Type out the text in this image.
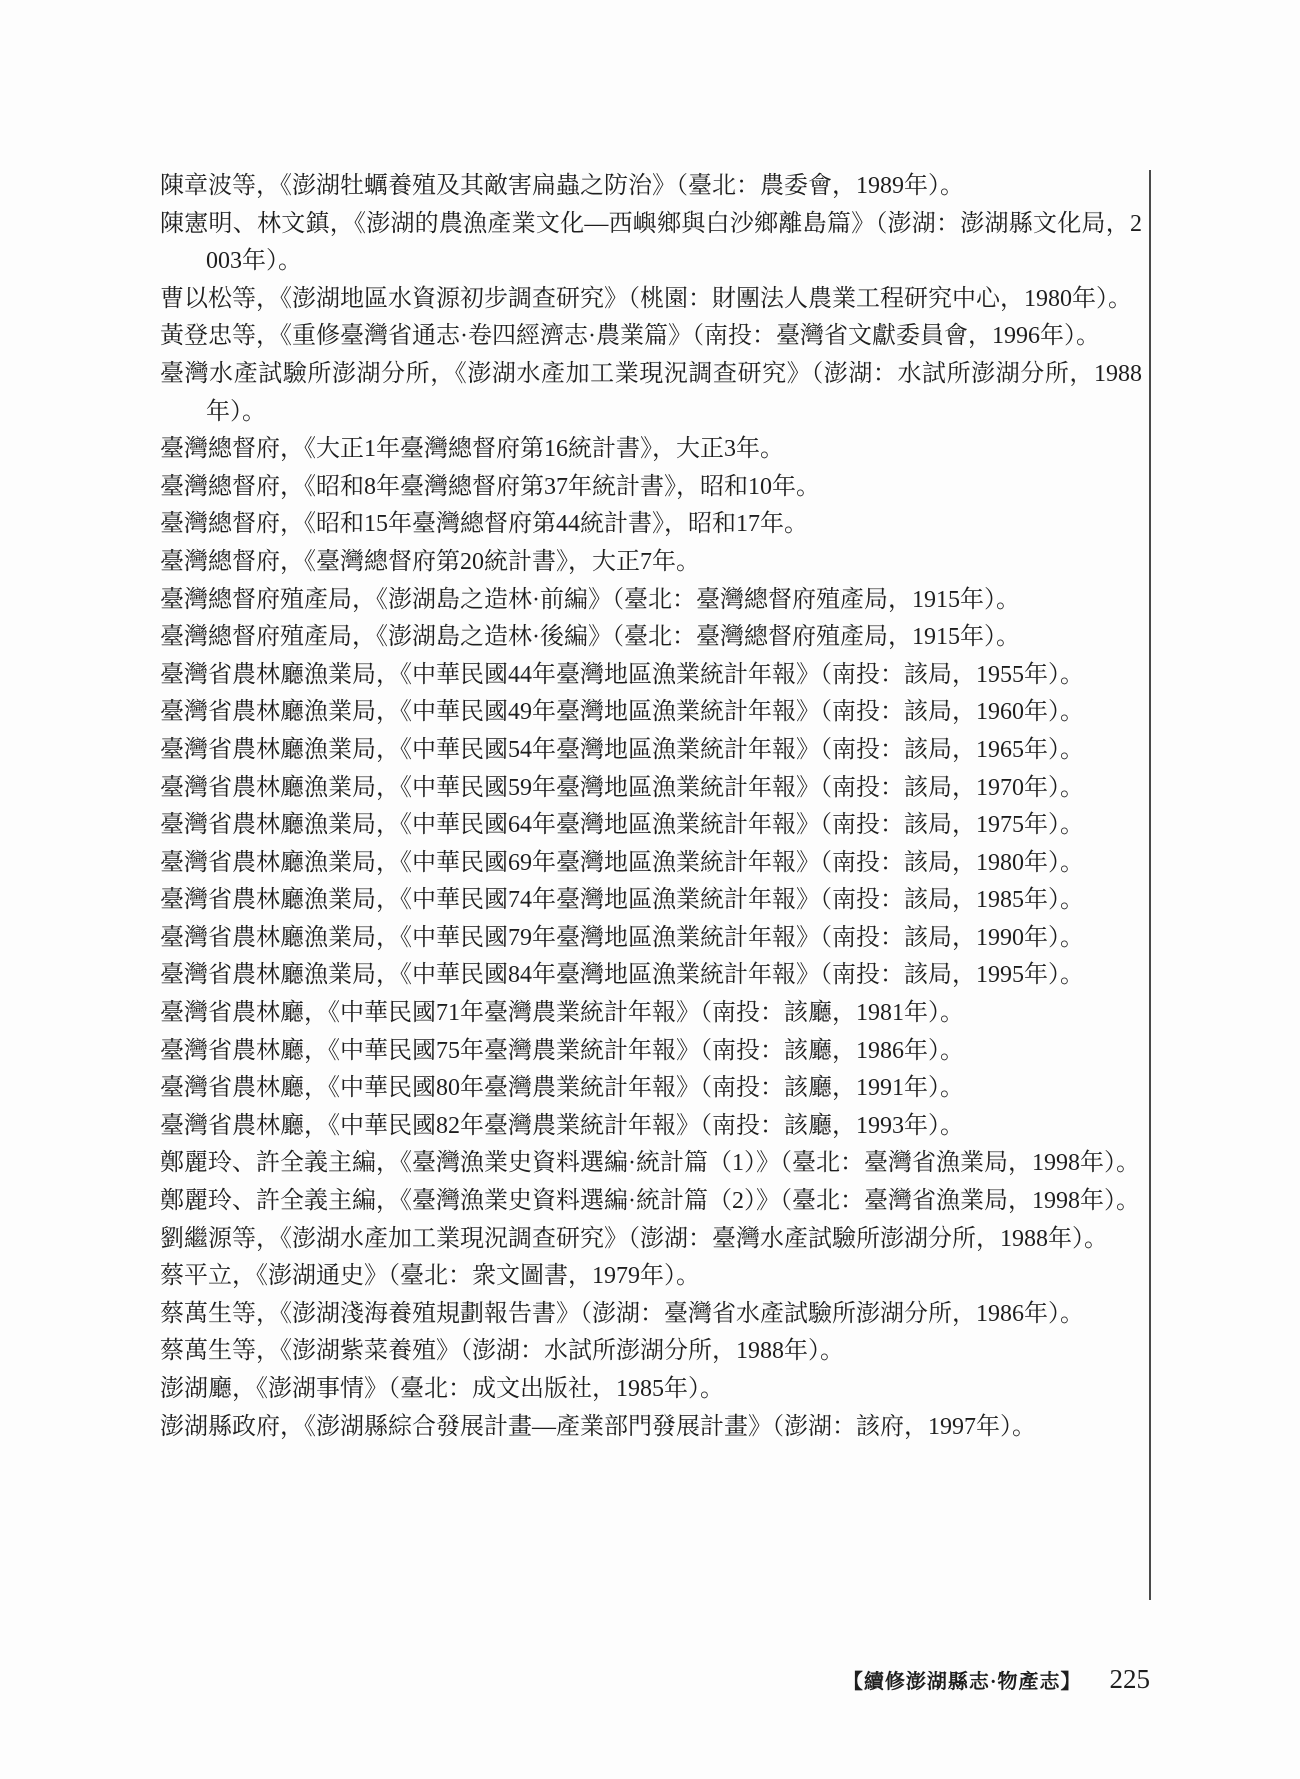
陳章波等，《澎湖牡蠣養殖及其敵害扁蟲之防治》（臺北：農委會，1989年）。

陳憲明、林文鎮，《澎湖的農漁產業文化—西嶼鄉與白沙鄉離島篇》（澎湖：澎湖縣文化局，2003年）。

曹以松等，《澎湖地區水資源初步調查研究》（桃園：財團法人農業工程研究中心，1980年）。

黃登忠等，《重修臺灣省通志·卷四經濟志·農業篇》（南投：臺灣省文獻委員會，1996年）。

臺灣水產試驗所澎湖分所，《澎湖水產加工業現況調查研究》（澎湖：水試所澎湖分所，1988年）。

臺灣總督府，《大正1年臺灣總督府第16統計書》，大正3年。

臺灣總督府，《昭和8年臺灣總督府第37年統計書》，昭和10年。

臺灣總督府，《昭和15年臺灣總督府第44統計書》，昭和17年。

臺灣總督府，《臺灣總督府第20統計書》，大正7年。

臺灣總督府殖產局，《澎湖島之造林·前編》（臺北：臺灣總督府殖產局，1915年）。

臺灣總督府殖產局，《澎湖島之造林·後編》（臺北：臺灣總督府殖產局，1915年）。

臺灣省農林廳漁業局，《中華民國44年臺灣地區漁業統計年報》（南投：該局，1955年）。

臺灣省農林廳漁業局，《中華民國49年臺灣地區漁業統計年報》（南投：該局，1960年）。

臺灣省農林廳漁業局，《中華民國54年臺灣地區漁業統計年報》（南投：該局，1965年）。

臺灣省農林廳漁業局，《中華民國59年臺灣地區漁業統計年報》（南投：該局，1970年）。

臺灣省農林廳漁業局，《中華民國64年臺灣地區漁業統計年報》（南投：該局，1975年）。

臺灣省農林廳漁業局，《中華民國69年臺灣地區漁業統計年報》（南投：該局，1980年）。

臺灣省農林廳漁業局，《中華民國74年臺灣地區漁業統計年報》（南投：該局，1985年）。

臺灣省農林廳漁業局，《中華民國79年臺灣地區漁業統計年報》（南投：該局，1990年）。

臺灣省農林廳漁業局，《中華民國84年臺灣地區漁業統計年報》（南投：該局，1995年）。

臺灣省農林廳，《中華民國71年臺灣農業統計年報》（南投：該廳，1981年）。

臺灣省農林廳，《中華民國75年臺灣農業統計年報》（南投：該廳，1986年）。

臺灣省農林廳，《中華民國80年臺灣農業統計年報》（南投：該廳，1991年）。

臺灣省農林廳，《中華民國82年臺灣農業統計年報》（南投：該廳，1993年）。

鄭麗玲、許全義主編，《臺灣漁業史資料選編·統計篇（1）》（臺北：臺灣省漁業局，1998年）。

鄭麗玲、許全義主編，《臺灣漁業史資料選編·統計篇（2）》（臺北：臺灣省漁業局，1998年）。

劉繼源等，《澎湖水產加工業現況調查研究》（澎湖：臺灣水產試驗所澎湖分所，1988年）。

蔡平立，《澎湖通史》（臺北：衆文圖書，1979年）。

蔡萬生等，《澎湖淺海養殖規劃報告書》（澎湖：臺灣省水產試驗所澎湖分所，1986年）。

蔡萬生等，《澎湖紫菜養殖》（澎湖：水試所澎湖分所，1988年）。

澎湖廳，《澎湖事情》（臺北：成文出版社，1985年）。

澎湖縣政府，《澎湖縣綜合發展計畫—產業部門發展計畫》（澎湖：該府，1997年）。

【續修澎湖縣志·物產志】 225
